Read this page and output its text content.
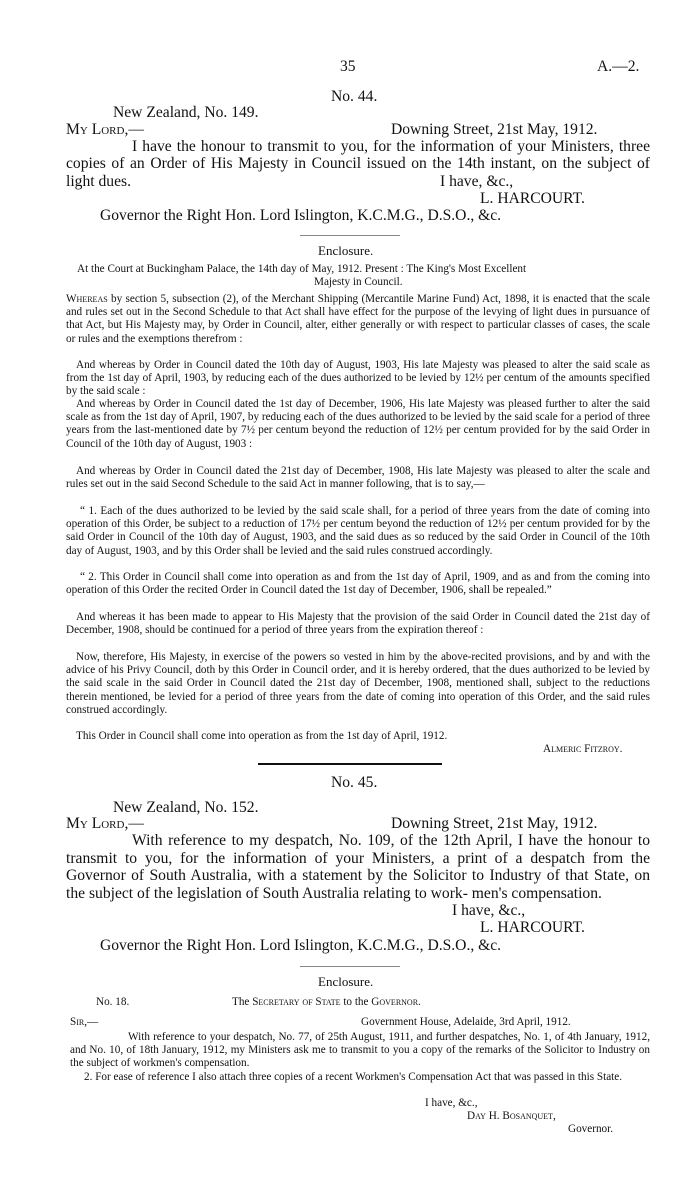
35	A.—2.
No. 44.
New Zealand, No. 149.
My Lord,—	Downing Street, 21st May, 1912.
I have the honour to transmit to you, for the information of your Ministers, three copies of an Order of His Majesty in Council issued on the 14th instant, on the subject of light dues.	I have, &c.,
L. HARCOURT.
Governor the Right Hon. Lord Islington, K.C.M.G., D.S.O., &c.
Enclosure.
At the Court at Buckingham Palace, the 14th day of May, 1912. Present : The King's Most Excellent
Majesty in Council.
Whereas by section 5, subsection (2), of the Merchant Shipping (Mercantile Marine Fund) Act, 1898, it is enacted that the scale and rules set out in the Second Schedule to that Act shall have effect for the purpose of the levying of light dues in pursuance of that Act, but His Majesty may, by Order in Council, alter, either generally or with respect to particular classes of cases, the scale or rules and the exemptions therefrom :
And whereas by Order in Council dated the 10th day of August, 1903, His late Majesty was pleased to alter the said scale as from the 1st day of April, 1903, by reducing each of the dues authorized to be levied by 12½ per centum of the amounts specified by the said scale :
And whereas by Order in Council dated the 1st day of December, 1906, His late Majesty was pleased further to alter the said scale as from the 1st day of April, 1907, by reducing each of the dues authorized to be levied by the said scale for a period of three years from the last-mentioned date by 7½ per centum beyond the reduction of 12½ per centum provided for by the said Order in Council of the 10th day of August, 1903 :
And whereas by Order in Council dated the 21st day of December, 1908, His late Majesty was pleased to alter the scale and rules set out in the said Second Schedule to the said Act in manner following, that is to say,—
“ 1. Each of the dues authorized to be levied by the said scale shall, for a period of three years from the date of coming into operation of this Order, be subject to a reduction of 17½ per centum beyond the reduction of 12½ per centum provided for by the said Order in Council of the 10th day of August, 1903, and the said dues as so reduced by the said Order in Council of the 10th day of August, 1903, and by this Order shall be levied and the said rules construed accordingly.
“ 2. This Order in Council shall come into operation as and from the 1st day of April, 1909, and as and from the coming into operation of this Order the recited Order in Council dated the 1st day of December, 1906, shall be repealed.”
And whereas it has been made to appear to His Majesty that the provision of the said Order in Council dated the 21st day of December, 1908, should be continued for a period of three years from the expiration thereof :
Now, therefore, His Majesty, in exercise of the powers so vested in him by the above-recited provisions, and by and with the advice of his Privy Council, doth by this Order in Council order, and it is hereby ordered, that the dues authorized to be levied by the said scale in the said Order in Council dated the 21st day of December, 1908, mentioned shall, subject to the reductions therein mentioned, be levied for a period of three years from the date of coming into operation of this Order, and the said rules construed accordingly.
This Order in Council shall come into operation as from the 1st day of April, 1912.
Almeric Fitzroy.
No. 45.
New Zealand, No. 152.
My Lord,—	Downing Street, 21st May, 1912.
With reference to my despatch, No. 109, of the 12th April, I have the honour to transmit to you, for the information of your Ministers, a print of a despatch from the Governor of South Australia, with a statement by the Solicitor to Industry of that State, on the subject of the legislation of South Australia relating to work- men's compensation.
I have, &c.,
L. HARCOURT.
Governor the Right Hon. Lord Islington, K.C.M.G., D.S.O., &c.
Enclosure.
No. 18.	The Secretary of State to the Governor.
Sir,—	Government House, Adelaide, 3rd April, 1912.
With reference to your despatch, No. 77, of 25th August, 1911, and further despatches, No. 1, of 4th January, 1912, and No. 10, of 18th January, 1912, my Ministers ask me to transmit to you a copy of the remarks of the Solicitor to Industry on the subject of workmen's compensation.
2. For ease of reference I also attach three copies of a recent Workmen's Compensation Act that was passed in this State.
I have, &c.,
Day H. Bosanquet,
Governor.
